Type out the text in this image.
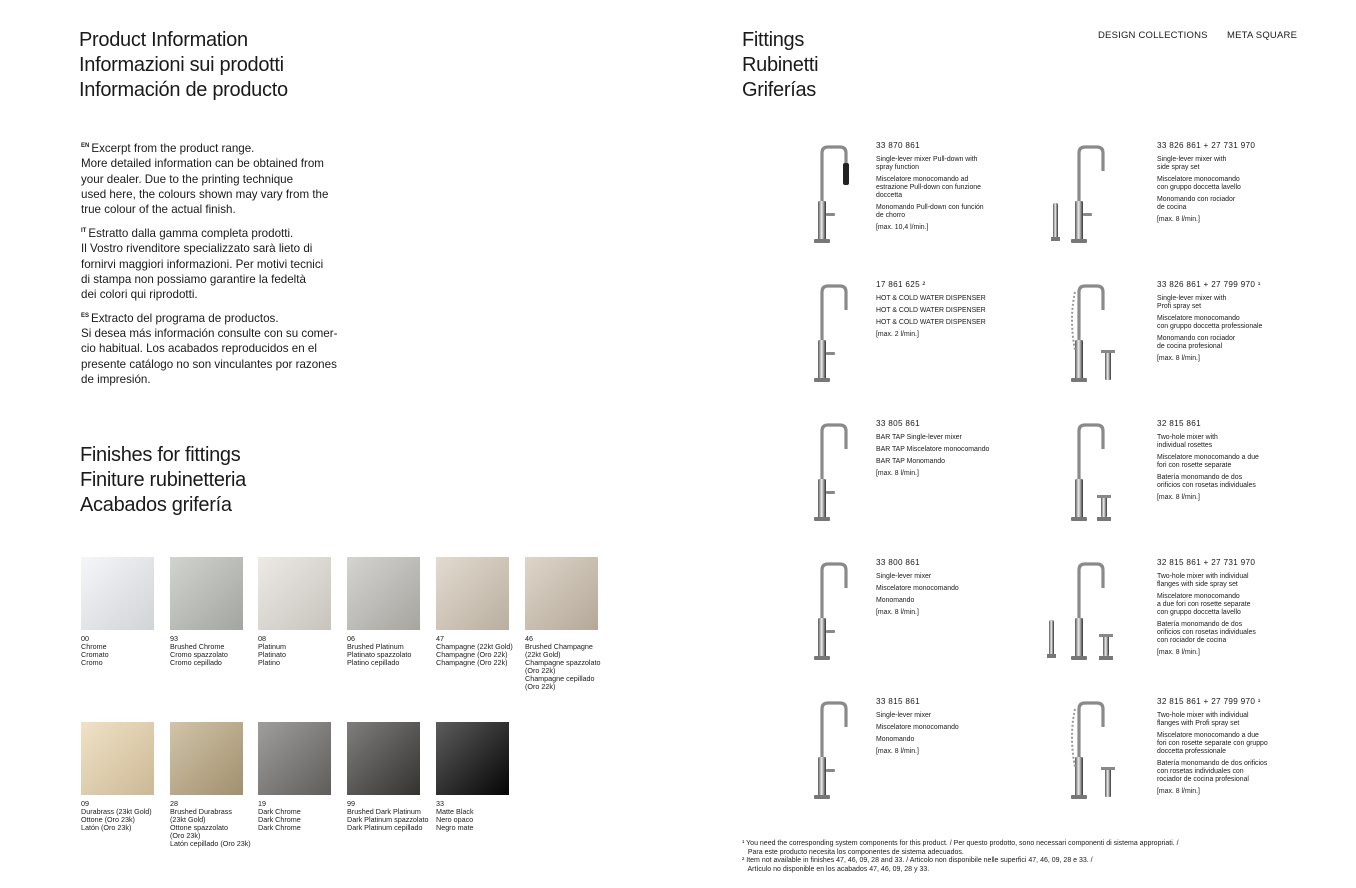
DESIGN COLLECTIONS META SQUARE
Product Information
Informazioni sui prodotti
Información de producto

$^{EN}$ Excerpt from the product range.
More detailed information can be obtained from
your dealer. Due to the printing technique
used here, the colours shown may vary from the
true colour of the actual finish.

$^{IT}$ Estratto dalla gamma completa prodotti.
Il Vostro rivenditore specializzato sarà lieto di
fornirvi maggiori informazioni. Per motivi tecnici
di stampa non possiamo garantire la fedeltà
dei colori qui riprodotti.

$^{ES}$ Extracto del programa de productos.
Si desea más información consulte con su comer-
cio habitual. Los acabados reproducidos en el
presente catálogo no son vinculantes por razones
de impresión.

Finishes for fittings
Finiture rubinetteria
Acabados grifería
00
Chrome
Cromato
Cromo
93
Brushed Chrome
Cromo spazzolato
Cromo cepillado
08
Platinum
Platinato
Platino
06
Brushed Platinum
Platinato spazzolato
Platino cepillado
47
Champagne (22kt Gold)
Champagne (Oro 22k)
Champagne (Oro 22k)
46
Brushed Champagne
(22kt Gold)
Champagne spazzolato
(Oro 22k)
Champagne cepillado
(Oro 22k)
09
Durabrass (23kt Gold)
Ottone (Oro 23k)
Latón (Oro 23k)
28
Brushed Durabrass
(23kt Gold)
Ottone spazzolato
(Oro 23k)
Latón cepillado (Oro 23k)
19
Dark Chrome
Dark Chrome
Dark Chrome
99
Brushed Dark Platinum
Dark Platinum spazzolato
Dark Platinum cepillado
33
Matte Black
Nero opaco
Negro mate
Fittings
Rubinetti
Griferías
33 870 861
Single-lever mixer Pull-down with
spray function
Miscelatore monocomando ad
estrazione Pull-down con funzione
doccetta
Monomando Pull-down con función
de chorro
[max. 10,4 l/min.]
33 826 861 + 27 731 970
Single-lever mixer with
side spray set
Miscelatore monocomando
con gruppo doccetta lavello
Monomando con rociador
de cocina
[max. 8 l/min.]
17 861 625 ²
HOT & COLD WATER DISPENSER
HOT & COLD WATER DISPENSER
HOT & COLD WATER DISPENSER
[max. 2 l/min.]
33 826 861 + 27 799 970 ¹
Single-lever mixer with
Profi spray set
Miscelatore monocomando
con gruppo doccetta professionale
Monomando con rociador
de cocina profesional
[max. 8 l/min.]
33 805 861
BAR TAP Single-lever mixer
BAR TAP Miscelatore monocomando
BAR TAP Monomando
[max. 8 l/min.]
32 815 861
Two-hole mixer with
individual rosettes
Miscelatore monocomando a due
fori con rosette separate
Batería monomando de dos
orificios con rosetas individuales
[max. 8 l/min.]
33 800 861
Single-lever mixer
Miscelatore monocomando
Monomando
[max. 8 l/min.]
32 815 861 + 27 731 970
Two-hole mixer with individual
flanges with side spray set
Miscelatore monocomando
a due fori con rosette separate
con gruppo doccetta lavello
Batería monomando de dos
orificios con rosetas individuales
con rociador de cocina
[max. 8 l/min.]
33 815 861
Single-lever mixer
Miscelatore monocomando
Monomando
[max. 8 l/min.]
32 815 861 + 27 799 970 ¹
Two-hole mixer with individual
flanges with Profi spray set
Miscelatore monocomando a due
fori con rosette separate con gruppo
doccetta professionale
Batería monomando de dos orificios
con rosetas individuales con
rociador de cocina profesional
[max. 8 l/min.]
¹ You need the corresponding system components for this product. / Per questo prodotto, sono necessari componenti di sistema appropriati. /
Para este producto necesita los componentes de sistema adecuados.
² Item not available in finishes 47, 46, 09, 28 and 33. / Articolo non disponibile nelle superfici 47, 46, 09, 28 e 33. /
Artículo no disponible en los acabados 47, 46, 09, 28 y 33.
